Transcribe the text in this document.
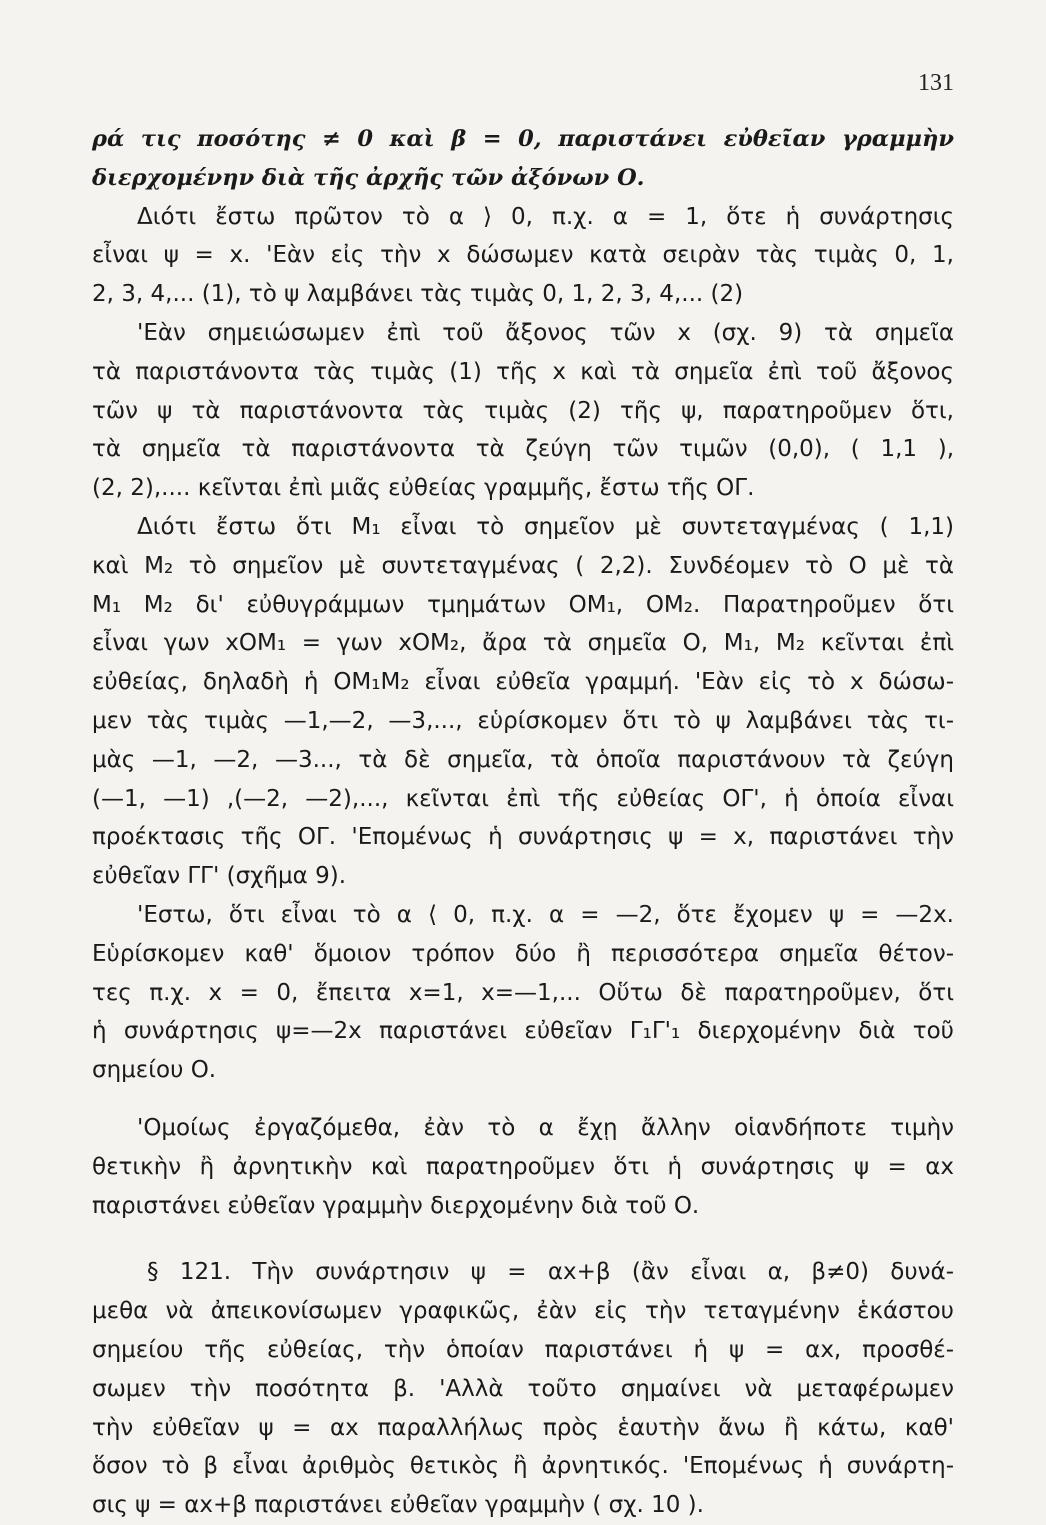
131
ρά τις ποσότης ≠ 0 καὶ β = 0, παριστάνει εὐθεῖαν γραμμὴν
διερχομένην διὰ τῆς ἀρχῆς τῶν ἀξόνων Ο.
Διότι ἔστω πρῶτον τὸ α ⟩ 0, π.χ. α = 1, ὅτε ἡ συνάρτησις
εἶναι ψ = x. 'Εὰν εἰς τὴν x δώσωμεν κατὰ σειρὰν τὰς τιμὰς 0, 1,
2, 3, 4,... (1), τὸ ψ λαμβάνει τὰς τιμὰς 0, 1, 2, 3, 4,... (2)
'Εὰν σημειώσωμεν ἐπὶ τοῦ ἄξονος τῶν x (σχ. 9) τὰ σημεῖα
τὰ παριστάνοντα τὰς τιμὰς (1) τῆς x καὶ τὰ σημεῖα ἐπὶ τοῦ ἄξονος
τῶν ψ τὰ παριστάνοντα τὰς τιμὰς (2) τῆς ψ, παρατηροῦμεν ὅτι,
τὰ σημεῖα τὰ παριστάνοντα τὰ ζεύγη τῶν τιμῶν (0,0), ( 1,1 ),
(2, 2),.... κεῖνται ἐπὶ μιᾶς εὐθείας γραμμῆς, ἔστω τῆς ΟΓ.
Διότι ἔστω ὅτι Μ₁ εἶναι τὸ σημεῖον μὲ συντεταγμένας ( 1,1)
καὶ Μ₂ τὸ σημεῖον μὲ συντεταγμένας ( 2,2). Συνδέομεν τὸ Ο μὲ τὰ
Μ₁ Μ₂ δι' εὐθυγράμμων τμημάτων ΟΜ₁, ΟΜ₂. Παρατηροῦμεν ὅτι
εἶναι γων xΟΜ₁ = γων xΟΜ₂, ἄρα τὰ σημεῖα Ο, Μ₁, Μ₂ κεῖνται ἐπὶ
εὐθείας, δηλαδὴ ἡ ΟΜ₁Μ₂ εἶναι εὐθεῖα γραμμή. 'Εὰν εἰς τὸ x δώσω-
μεν τὰς τιμὰς —1,—2, —3,..., εὑρίσκομεν ὅτι τὸ ψ λαμβάνει τὰς τι-
μὰς —1, —2, —3..., τὰ δὲ σημεῖα, τὰ ὁποῖα παριστάνουν τὰ ζεύγη
(—1, —1) ,(—2, —2),..., κεῖνται ἐπὶ τῆς εὐθείας ΟΓ', ἡ ὁποία εἶναι
προέκτασις τῆς ΟΓ. 'Επομένως ἡ συνάρτησις ψ = x, παριστάνει τὴν
εὐθεῖαν ΓΓ' (σχῆμα 9).
'Εστω, ὅτι εἶναι τὸ α ⟨ 0, π.χ. α = —2, ὅτε ἔχομεν ψ = —2x.
Εὑρίσκομεν καθ' ὅμοιον τρόπον δύο ἢ περισσότερα σημεῖα θέτον-
τες π.χ. x = 0, ἔπειτα x=1, x=—1,... Οὕτω δὲ παρατηροῦμεν, ὅτι
ἡ συνάρτησις ψ=—2x παριστάνει εὐθεῖαν Γ₁Γ'₁ διερχομένην διὰ τοῦ
σημείου Ο.
'Ομοίως ἐργαζόμεθα, ἐὰν τὸ α ἔχῃ ἄλλην οἱανδήποτε τιμὴν
θετικὴν ἢ ἀρνητικὴν καὶ παρατηροῦμεν ὅτι ἡ συνάρτησις ψ = αx
παριστάνει εὐθεῖαν γραμμὴν διερχομένην διὰ τοῦ Ο.
§ 121. Τὴν συνάρτησιν ψ = αx+β (ἂν εἶναι α, β≠0) δυνά-
μεθα νὰ ἀπεικονίσωμεν γραφικῶς, ἐὰν εἰς τὴν τεταγμένην ἑκάστου
σημείου τῆς εὐθείας, τὴν ὁποίαν παριστάνει ἡ ψ = αx, προσθέ-
σωμεν τὴν ποσότητα β. 'Αλλὰ τοῦτο σημαίνει νὰ μεταφέρωμεν
τὴν εὐθεῖαν ψ = αx παραλλήλως πρὸς ἑαυτὴν ἄνω ἢ κάτω, καθ'
ὅσον τὸ β εἶναι ἀριθμὸς θετικὸς ἢ ἀρνητικός. 'Επομένως ἡ συνάρτη-
σις ψ = αx+β παριστάνει εὐθεῖαν γραμμὴν ( σχ. 10 ).
